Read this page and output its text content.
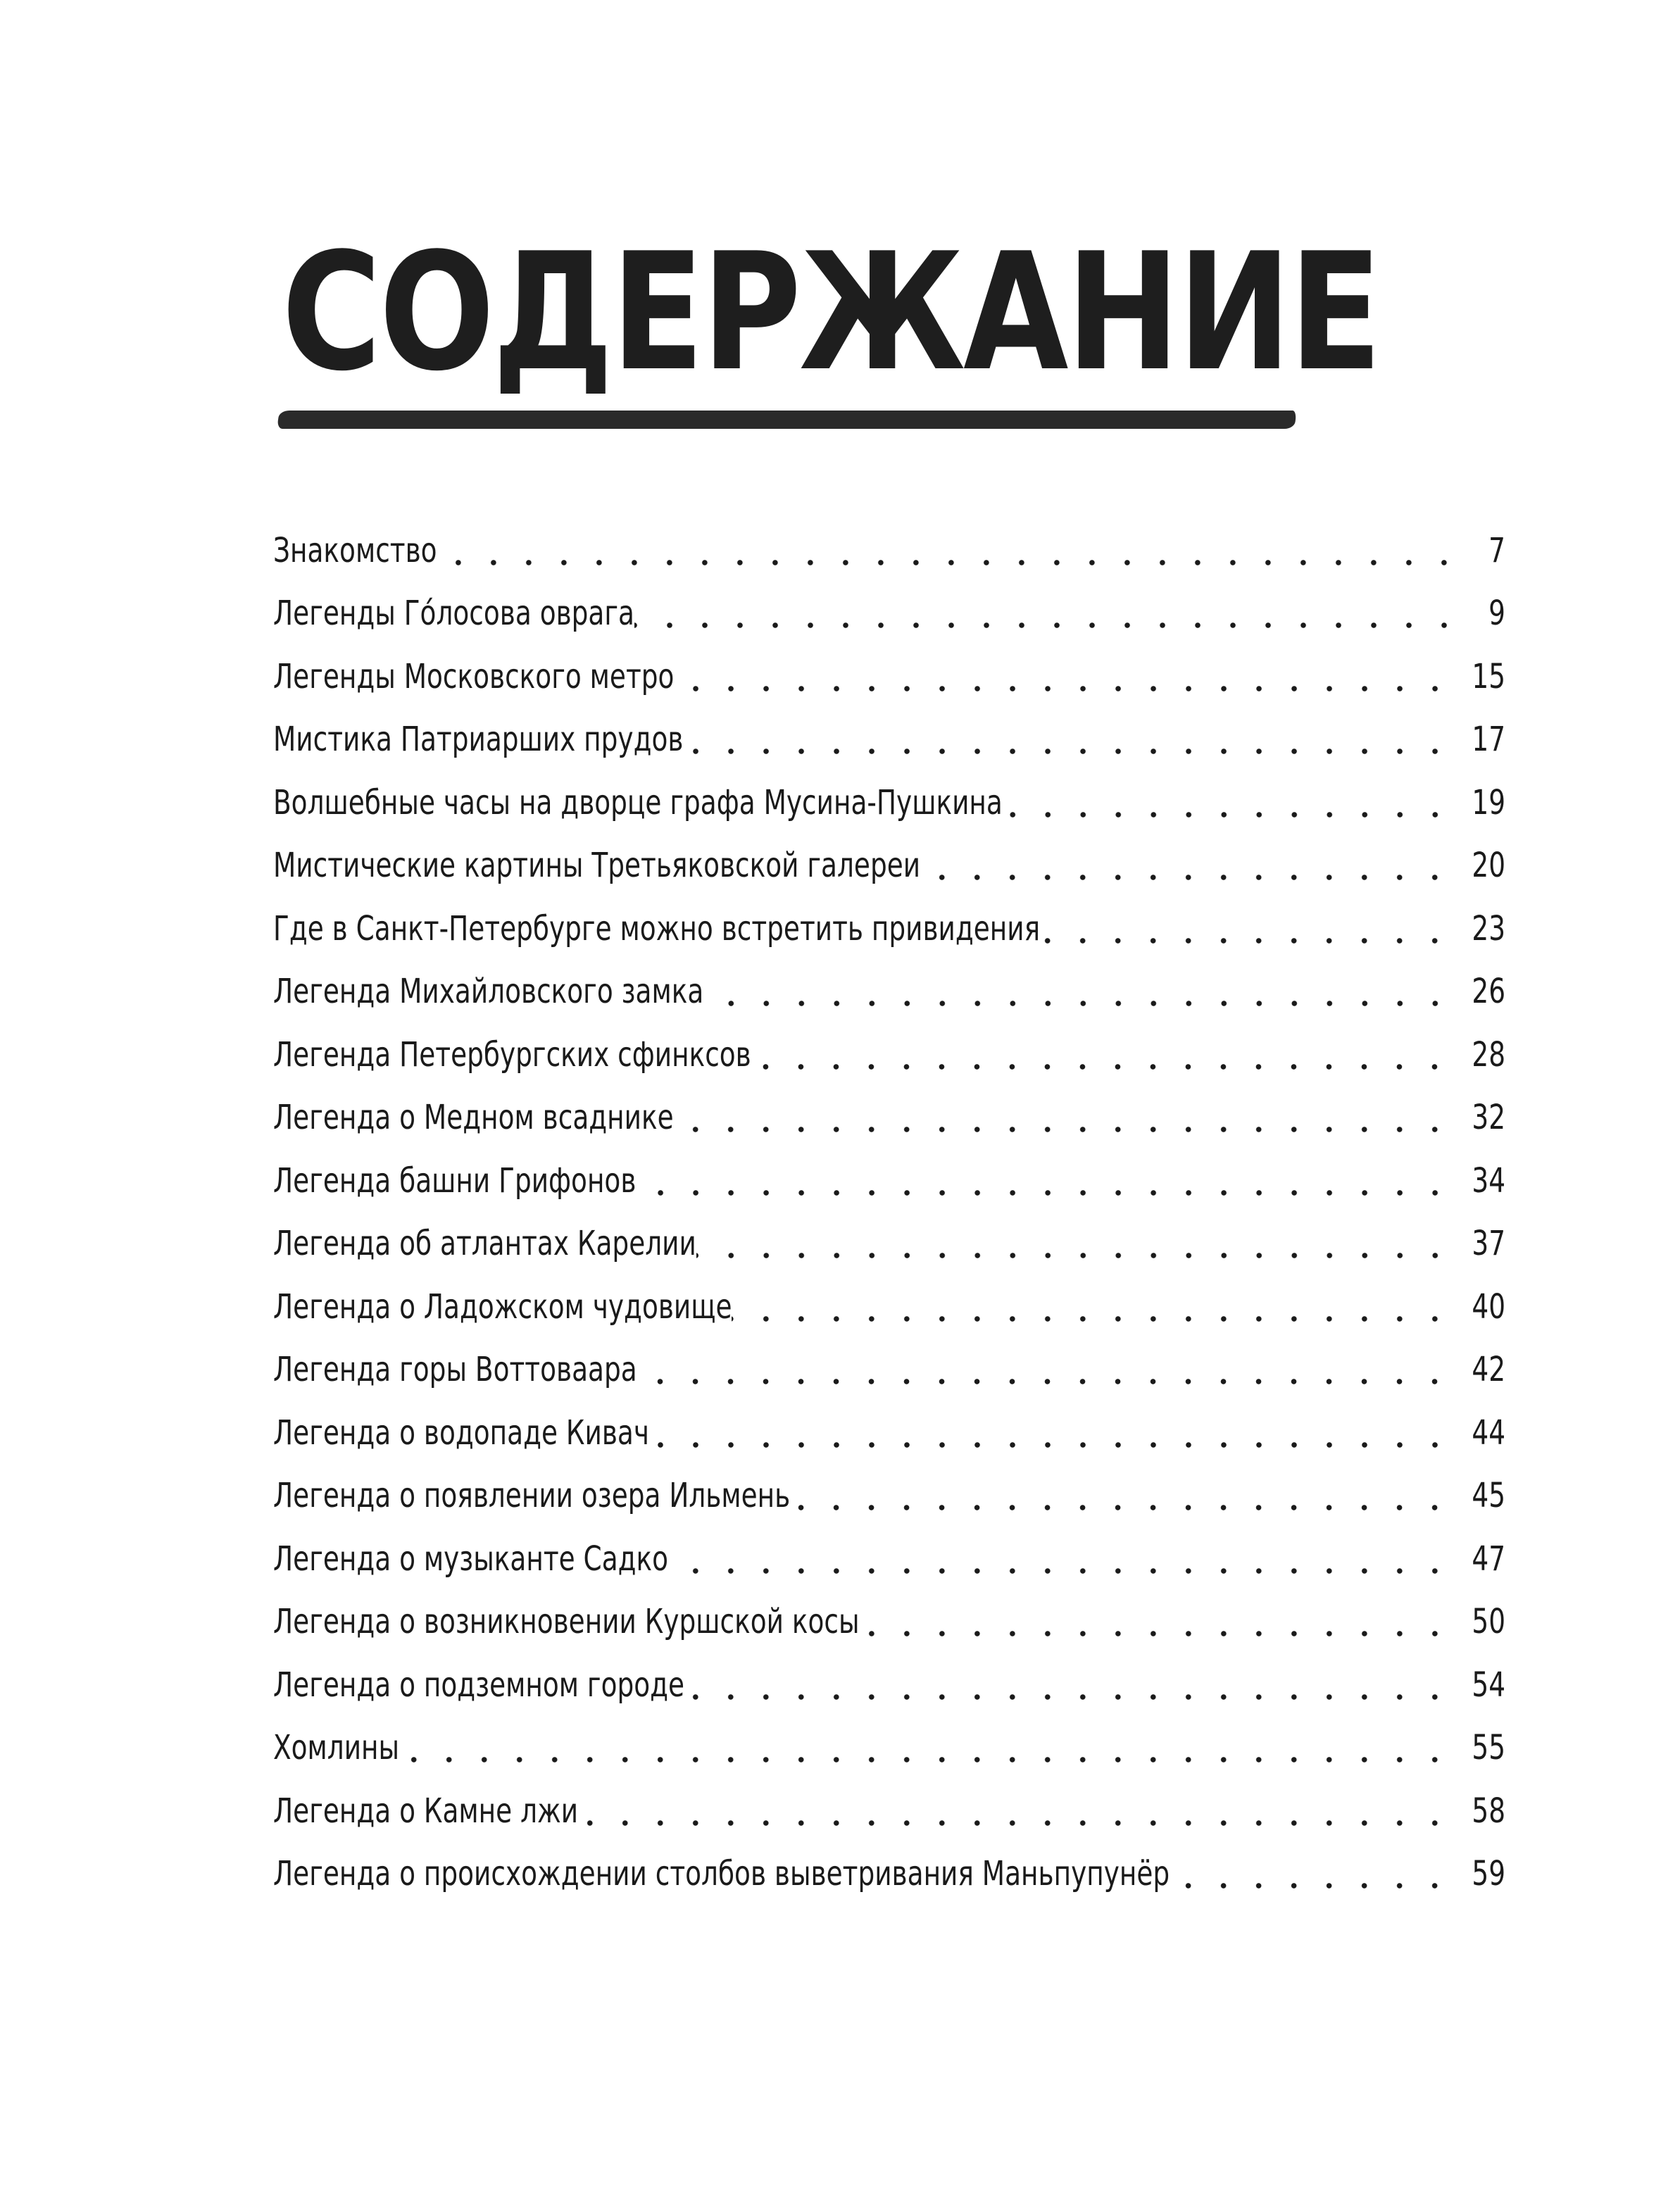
СОДЕРЖАНИЕ
Знакомство	7
Легенды Го́лосова оврага	9
Легенды Московского метро	15
Мистика Патриарших прудов	17
Волшебные часы на дворце графа Мусина-Пушкина	19
Мистические картины Третьяковской галереи	20
Где в Санкт-Петербурге можно встретить привидения	23
Легенда Михайловского замка	26
Легенда Петербургских сфинксов	28
Легенда о Медном всаднике	32
Легенда башни Грифонов	34
Легенда об атлантах Карелии	37
Легенда о Ладожском чудовище	40
Легенда горы Воттовaара	42
Легенда о водопаде Кивач	44
Легенда о появлении озера Ильмень	45
Легенда о музыканте Садко	47
Легенда о возникновении Куршской косы	50
Легенда о подземном городе	54
Хомлины	55
Легенда о Камне лжи	58
Легенда о происхождении столбов выветривания Маньпупунёр	59
